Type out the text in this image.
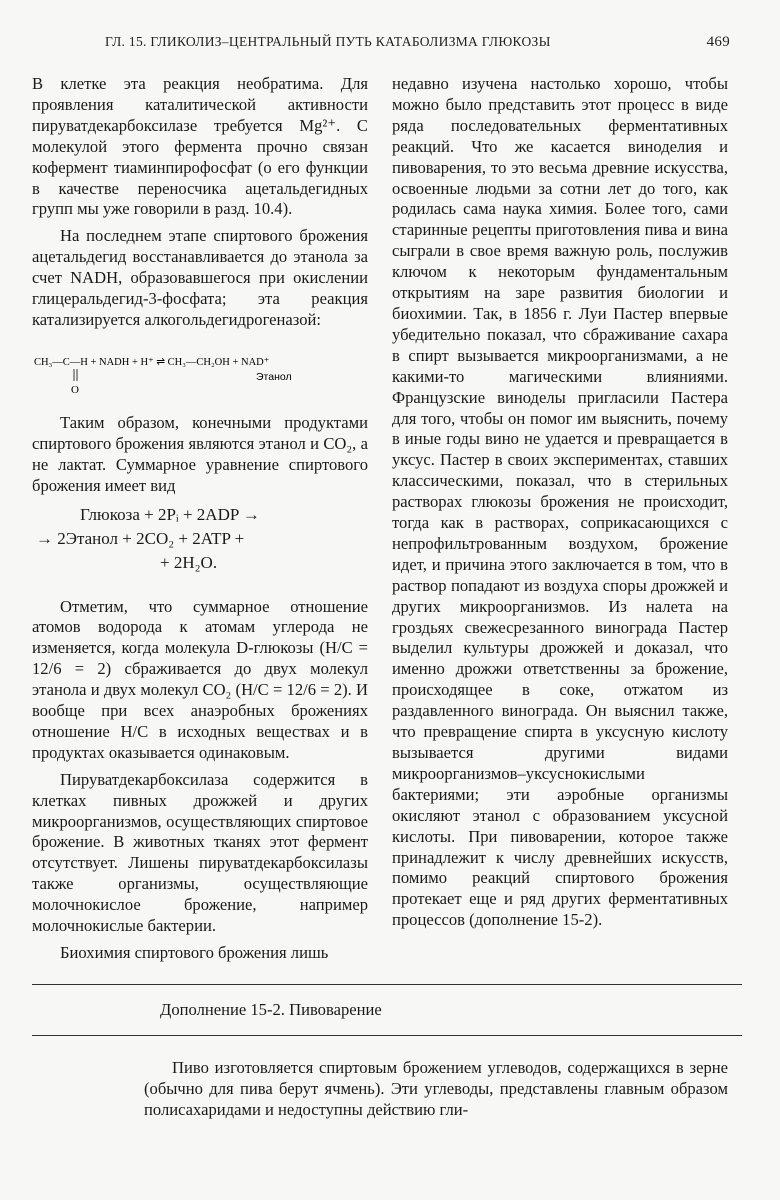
ГЛ. 15. ГЛИКОЛИЗ–ЦЕНТРАЛЬНЫЙ ПУТЬ КАТАБОЛИЗМА ГЛЮКОЗЫ	469

В клетке эта реакция необратима. Для проявления каталитической активности пируватдекарбоксилазе требуется Mg²⁺. С молекулой этого фермента прочно связан кофермент тиаминпирофосфат (о его функции в качестве переносчика ацетальдегидных групп мы уже говорили в разд. 10.4).

На последнем этапе спиртового брожения ацетальдегид восстанавливается до этанола за счет NADH, образовавшегося при окислении глицеральдегид-3-фосфата; эта реакция катализируется алкогольдегидрогеназой:

CH₃—C—H + NADH + H⁺ ⇌ CH₃—CH₂OH + NAD⁺
O
Этанол

Таким образом, конечными продуктами спиртового брожения являются этанол и CO₂, а не лактат. Суммарное уравнение спиртового брожения имеет вид

Глюкоза + 2Pᵢ + 2ADP →
→ 2Этанол + 2CO₂ + 2ATP +
+ 2H₂O.

Отметим, что суммарное отношение атомов водорода к атомам углерода не изменяется, когда молекула D-глюкозы (H/C = 12/6 = 2) сбраживается до двух молекул этанола и двух молекул CO₂ (H/C = 12/6 = 2). И вообще при всех анаэробных брожениях отношение H/C в исходных веществах и в продуктах оказывается одинаковым.

Пируватдекарбоксилаза содержится в клетках пивных дрожжей и других микроорганизмов, осуществляющих спиртовое брожение. В животных тканях этот фермент отсутствует. Лишены пируватдекарбоксилазы также организмы, осуществляющие молочнокислое брожение, например молочнокислые бактерии.

Биохимия спиртового брожения лишь

недавно изучена настолько хорошо, чтобы можно было представить этот процесс в виде ряда последовательных ферментативных реакций. Что же касается виноделия и пивоварения, то это весьма древние искусства, освоенные людьми за сотни лет до того, как родилась сама наука химия. Более того, сами старинные рецепты приготовления пива и вина сыграли в свое время важную роль, послужив ключом к некоторым фундаментальным открытиям на заре развития биологии и биохимии. Так, в 1856 г. Луи Пастер впервые убедительно показал, что сбраживание сахара в спирт вызывается микроорганизмами, а не какими-то магическими влияниями. Французские виноделы пригласили Пастера для того, чтобы он помог им выяснить, почему в иные годы вино не удается и превращается в уксус. Пастер в своих экспериментах, ставших классическими, показал, что в стерильных растворах глюкозы брожения не происходит, тогда как в растворах, соприкасающихся с непрофильтрованным воздухом, брожение идет, и причина этого заключается в том, что в раствор попадают из воздуха споры дрожжей и других микроорганизмов. Из налета на гроздьях свежесрезанного винограда Пастер выделил культуры дрожжей и доказал, что именно дрожжи ответственны за брожение, происходящее в соке, отжатом из раздавленного винограда. Он выяснил также, что превращение спирта в уксусную кислоту вызывается другими видами микроорганизмов–уксуснокислыми бактериями; эти аэробные организмы окисляют этанол с образованием уксусной кислоты. При пивоварении, которое также принадлежит к числу древнейших искусств, помимо реакций спиртового брожения протекает еще и ряд других ферментативных процессов (дополнение 15-2).

Дополнение 15-2. Пивоварение

Пиво изготовляется спиртовым брожением углеводов, содержащихся в зерне (обычно для пива берут ячмень). Эти углеводы, представлены главным образом полисахаридами и недоступны действию гли-
